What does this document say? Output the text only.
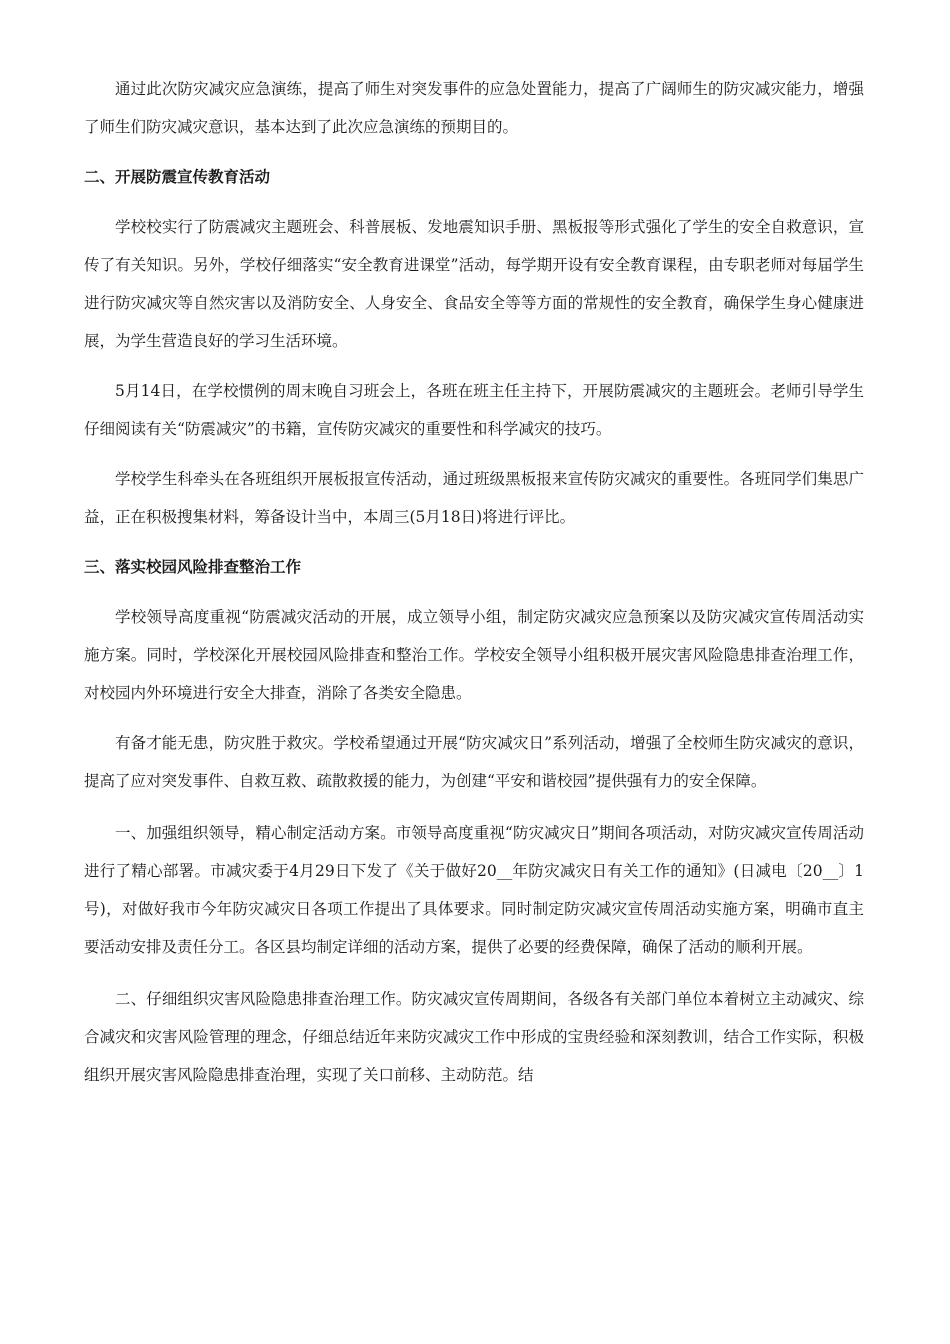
通过此次防灾减灾应急演练，提高了师生对突发事件的应急处置能力，提高了广阔师生的防灾减灾能力，增强了师生们防灾减灾意识，基本达到了此次应急演练的预期目的。

二、开展防震宣传教育活动

学校校实行了防震减灾主题班会、科普展板、发地震知识手册、黑板报等形式强化了学生的安全自救意识，宣传了有关知识。另外，学校仔细落实“安全教育进课堂”活动，每学期开设有安全教育课程，由专职老师对每届学生进行防灾减灾等自然灾害以及消防安全、人身安全、食品安全等等方面的常规性的安全教育，确保学生身心健康进展，为学生营造良好的学习生活环境。

5月14日，在学校惯例的周末晚自习班会上，各班在班主任主持下，开展防震减灾的主题班会。老师引导学生仔细阅读有关“防震减灾”的书籍，宣传防灾减灾的重要性和科学减灾的技巧。

学校学生科牵头在各班组织开展板报宣传活动，通过班级黑板报来宣传防灾减灾的重要性。各班同学们集思广益，正在积极搜集材料，筹备设计当中，本周三(5月18日)将进行评比。

三、落实校园风险排查整治工作

学校领导高度重视“防震减灾活动的开展，成立领导小组，制定防灾减灾应急预案以及防灾减灾宣传周活动实施方案。同时，学校深化开展校园风险排查和整治工作。学校安全领导小组积极开展灾害风险隐患排查治理工作，对校园内外环境进行安全大排查，消除了各类安全隐患。

有备才能无患，防灾胜于救灾。学校希望通过开展“防灾减灾日”系列活动，增强了全校师生防灾减灾的意识，提高了应对突发事件、自救互救、疏散救援的能力，为创建“平安和谐校园”提供强有力的安全保障。

一、加强组织领导，精心制定活动方案。市领导高度重视“防灾减灾日”期间各项活动，对防灾减灾宣传周活动进行了精心部署。市减灾委于4月29日下发了《关于做好20__年防灾减灾日有关工作的通知》(日减电〔20__〕1号)，对做好我市今年防灾减灾日各项工作提出了具体要求。同时制定防灾减灾宣传周活动实施方案，明确市直主要活动安排及责任分工。各区县均制定详细的活动方案，提供了必要的经费保障，确保了活动的顺利开展。

二、仔细组织灾害风险隐患排查治理工作。防灾减灾宣传周期间，各级各有关部门单位本着树立主动减灾、综合减灾和灾害风险管理的理念，仔细总结近年来防灾减灾工作中形成的宝贵经验和深刻教训，结合工作实际，积极组织开展灾害风险隐患排查治理，实现了关口前移、主动防范。结
